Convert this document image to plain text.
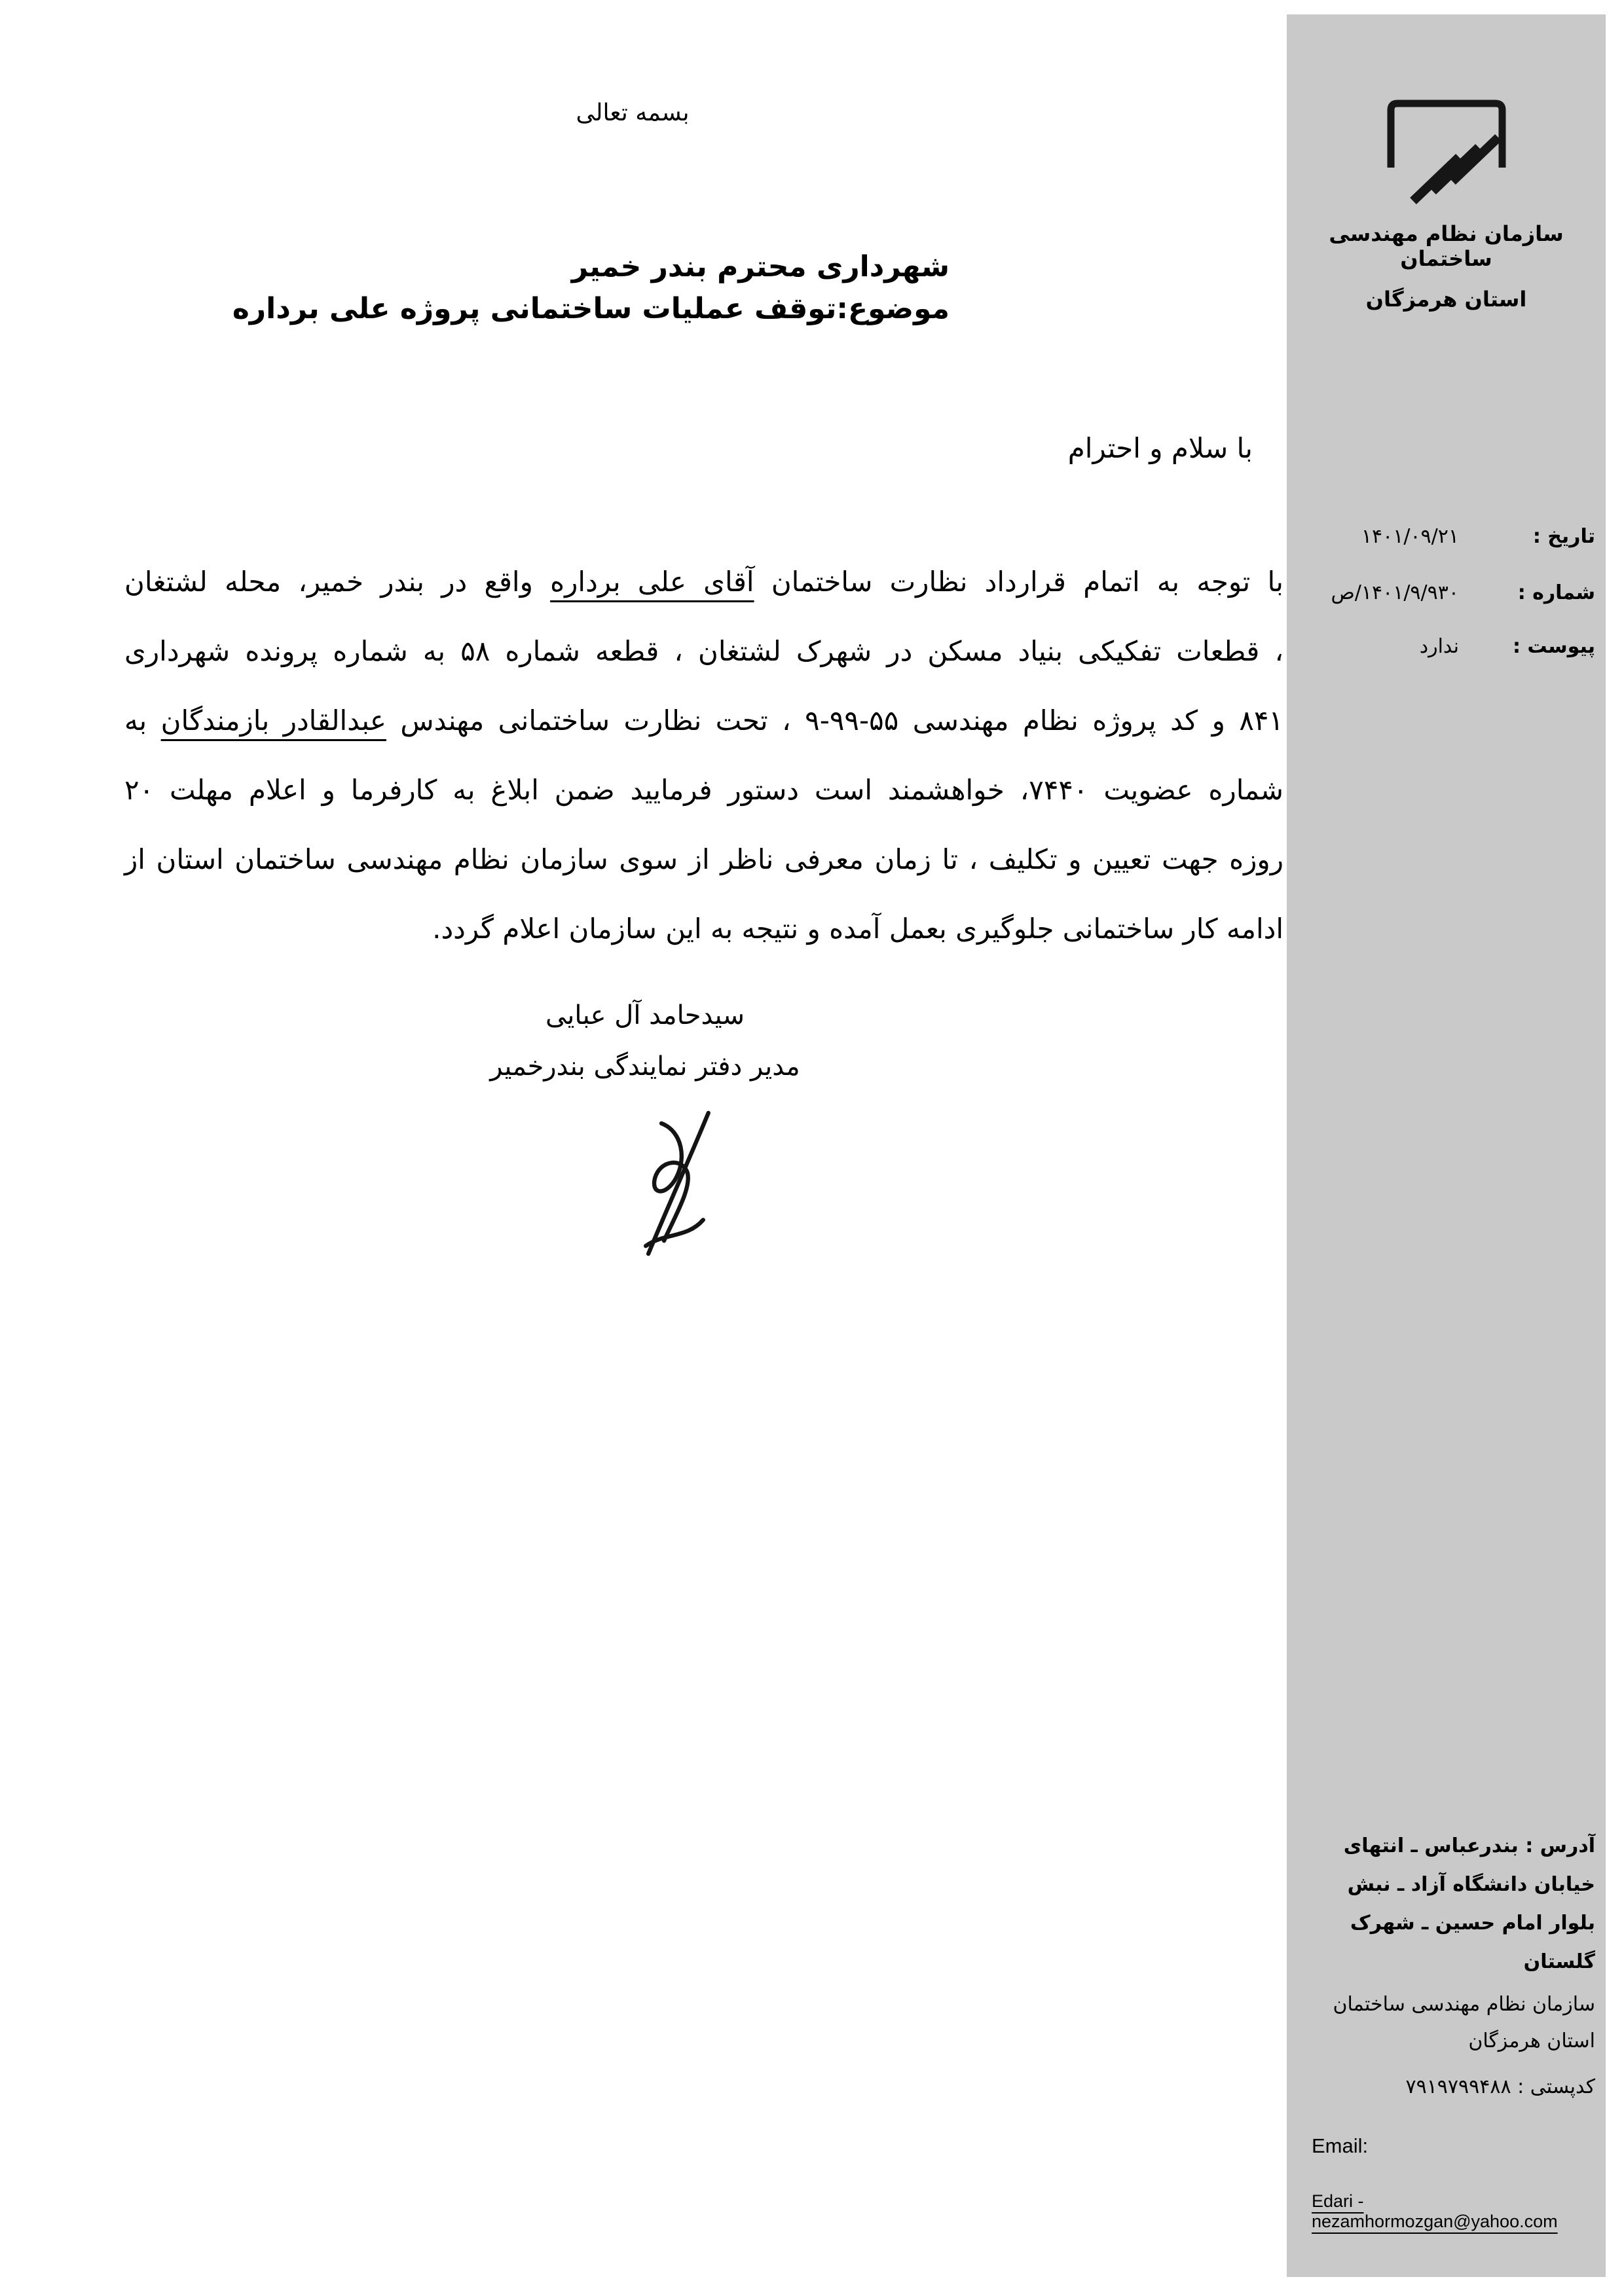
بسمه تعالی
شهرداری محترم بندر خمیر
موضوع:توقف عملیات ساختمانی پروژه علی برداره
با سلام و احترام
با توجه به اتمام قرارداد نظارت ساختمان آقای علی برداره واقع در بندر خمیر، محله لشتغان
، قطعات تفکیکی بنیاد مسکن در شهرک لشتغان ، قطعه شماره ۵۸ به شماره پرونده شهرداری
۸۴۱ و کد پروژه نظام مهندسی ۵۵-۹۹-۹ ، تحت نظارت ساختمانی مهندس عبدالقادر بازمندگان به
شماره عضویت ۷۴۴۰، خواهشمند است دستور فرمایید ضمن ابلاغ به کارفرما و اعلام مهلت ۲۰
روزه جهت تعیین و تکلیف ، تا زمان معرفی ناظر از سوی سازمان نظام مهندسی ساختمان استان از
ادامه کار ساختمانی جلوگیری بعمل آمده و نتیجه به این سازمان اعلام گردد.
سیدحامد آل عبایی
مدیر دفتر نمایندگی بندرخمیر
سازمان نظام مهندسی ساختمان
استان هرمزگان
تاریخ :
۱۴۰۱/۰۹/۲۱
شماره :
۱۴۰۱/۹/۹۳۰/ص
پیوست :
ندارد
آدرس : بندرعباس ـ انتهای
خیابان دانشگاه آزاد ـ نبش
بلوار امام حسین ـ شهرک
گلستان
سازمان نظام مهندسی ساختمان
استان هرمزگان
کدپستی : ۷۹۱۹۷۹۹۴۸۸
Email:
Edari - nezamhormozgan@yahoo.com
